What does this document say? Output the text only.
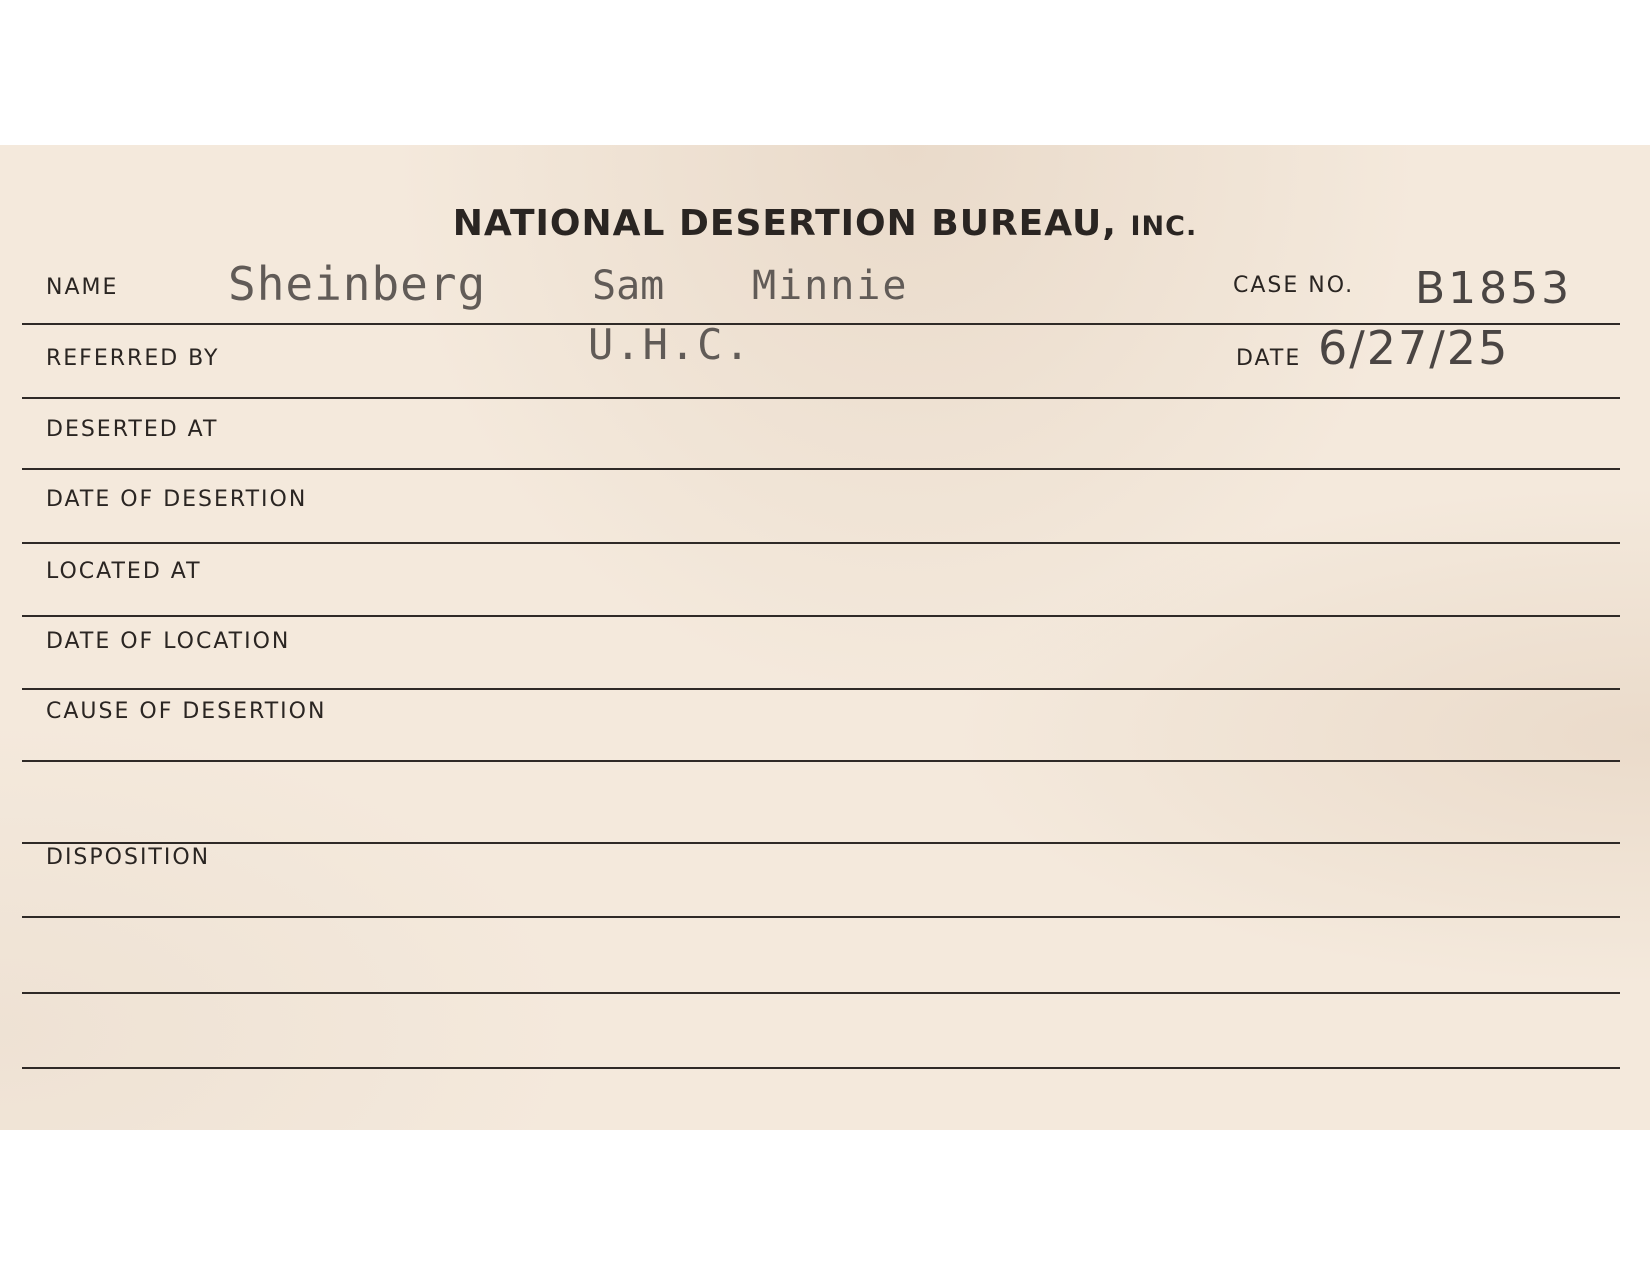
NATIONAL DESERTION BUREAU, INC.
NAME Sheinberg	Sam Minnie	CASE NO. B1853
REFERRED BY	U.H.C.	DATE 6/27/25
DESERTED AT
DATE OF DESERTION
LOCATED AT
DATE OF LOCATION
CAUSE OF DESERTION
DISPOSITION
